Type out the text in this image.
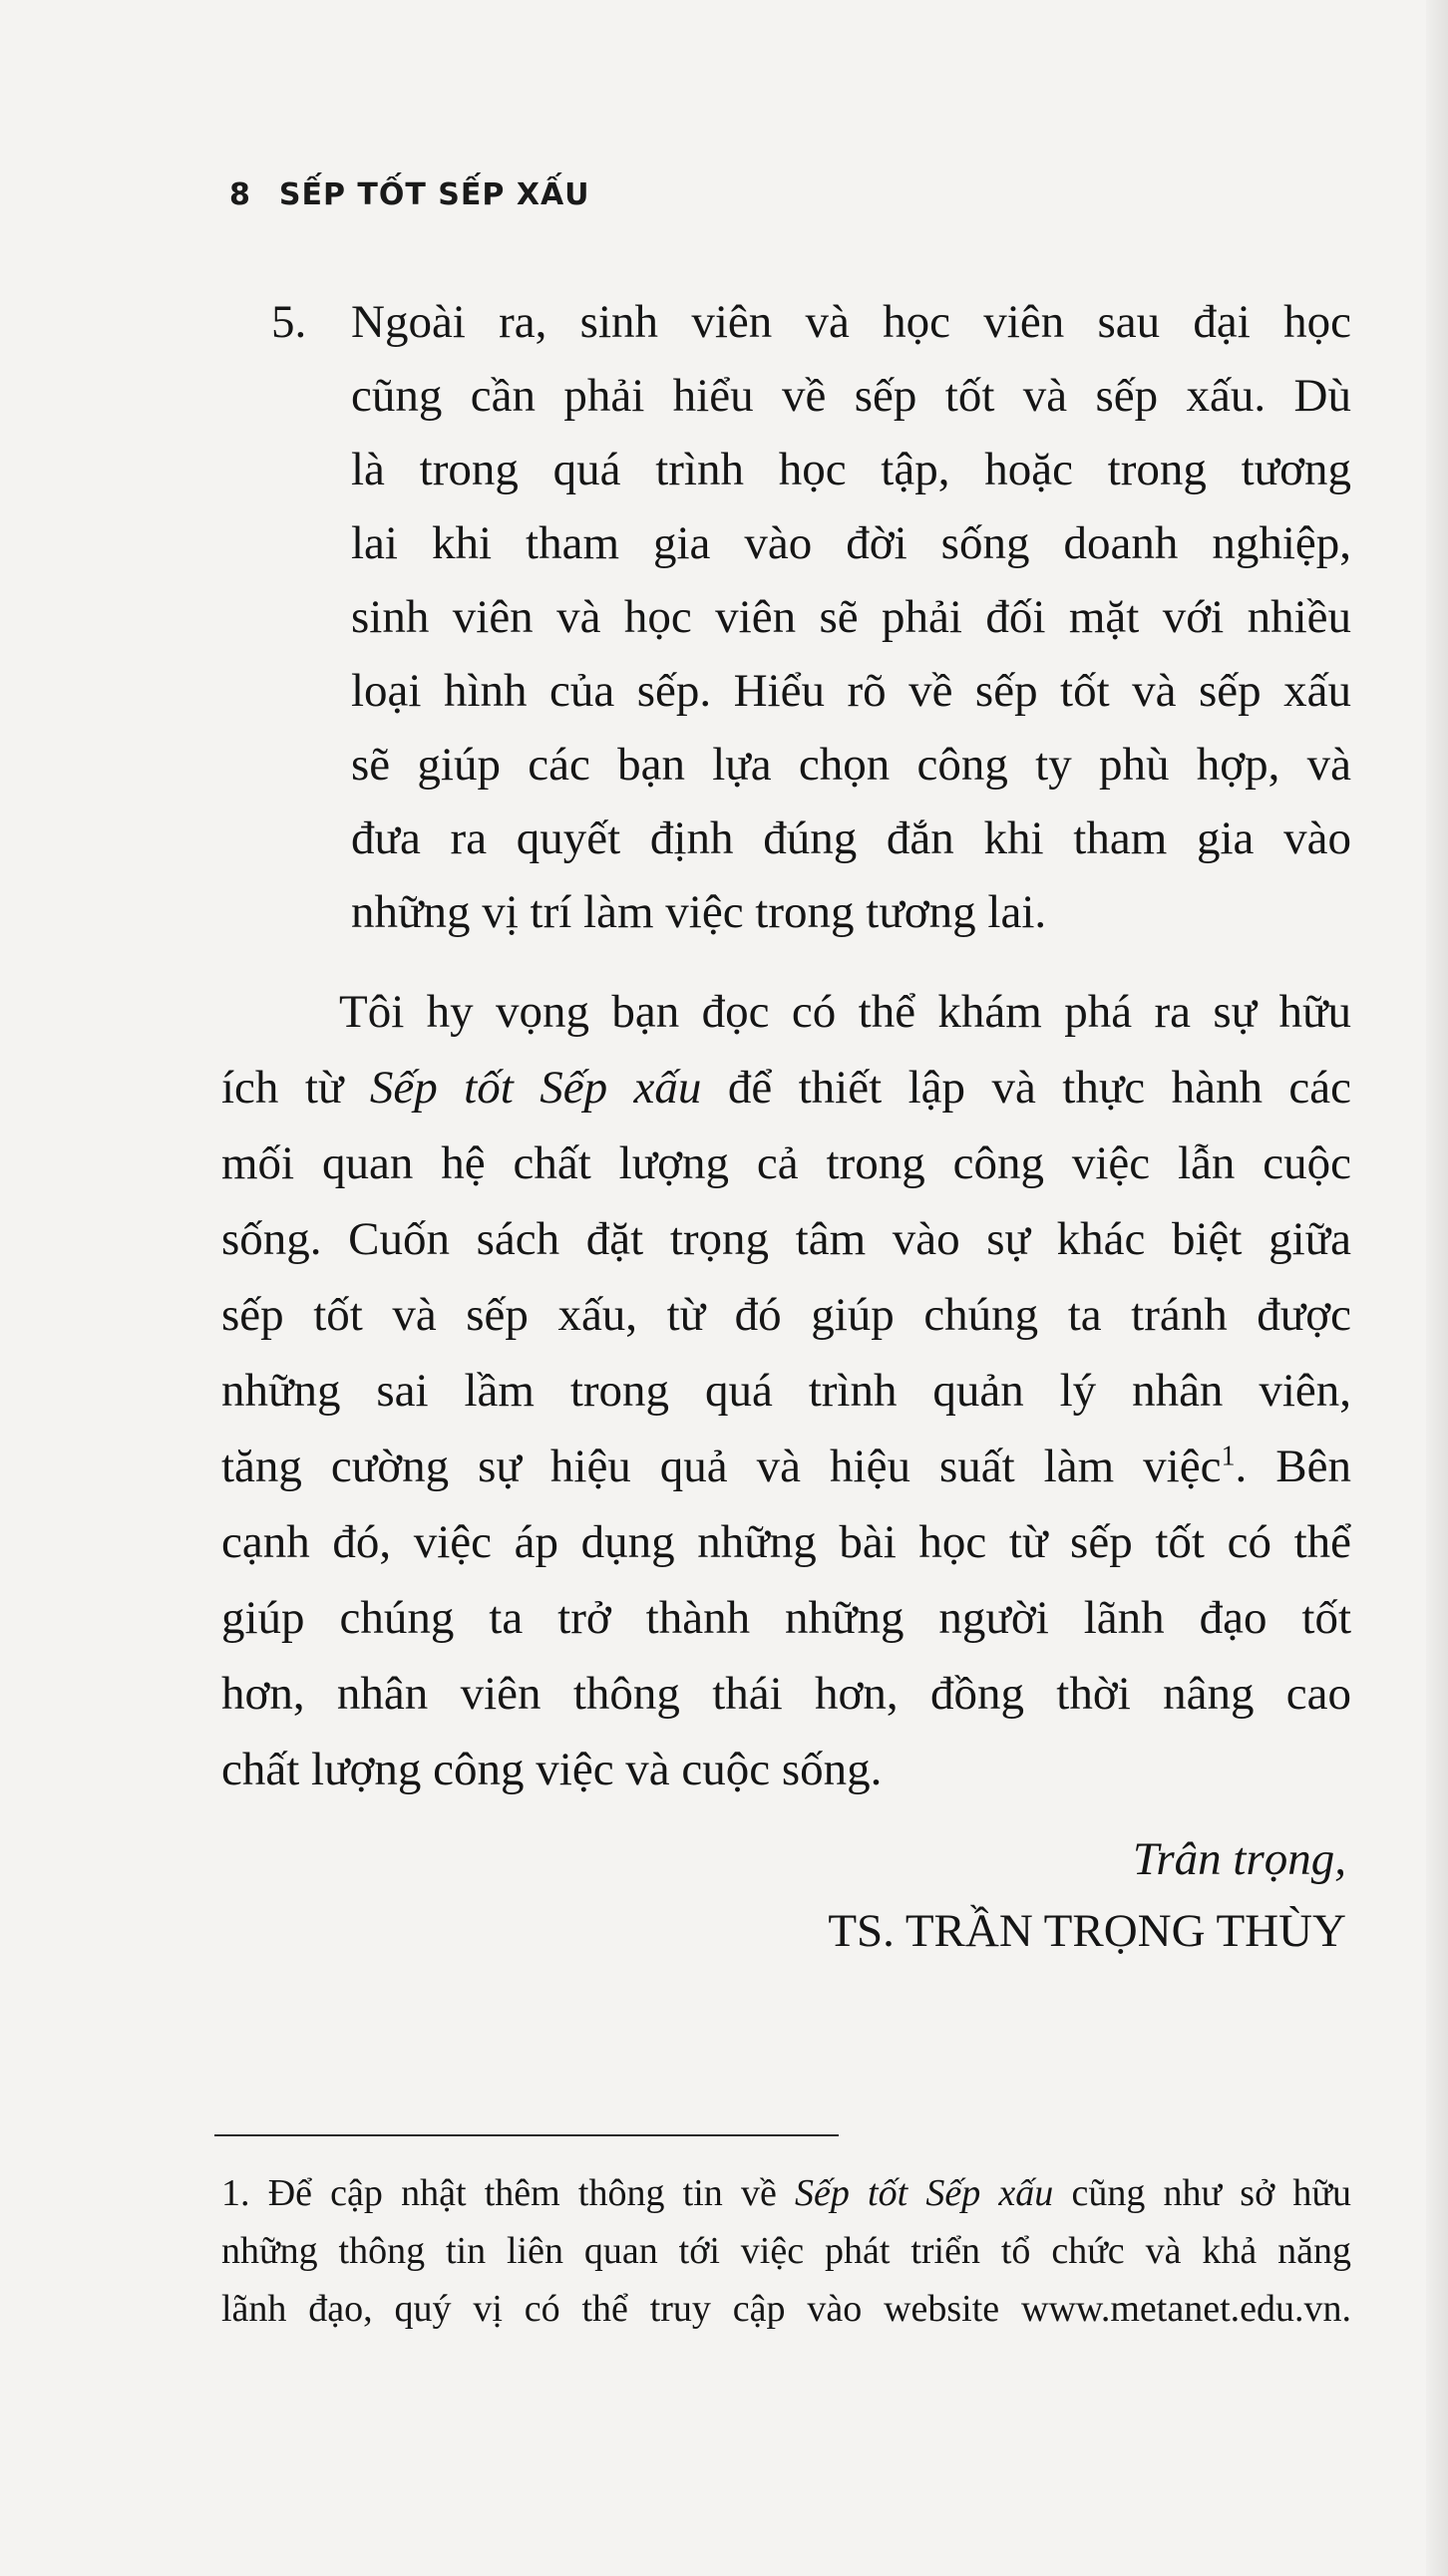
8 SẾP TỐT SẾP XẤU
5. Ngoài ra, sinh viên và học viên sau đại học
cũng cần phải hiểu về sếp tốt và sếp xấu. Dù
là trong quá trình học tập, hoặc trong tương
lai khi tham gia vào đời sống doanh nghiệp,
sinh viên và học viên sẽ phải đối mặt với nhiều
loại hình của sếp. Hiểu rõ về sếp tốt và sếp xấu
sẽ giúp các bạn lựa chọn công ty phù hợp, và
đưa ra quyết định đúng đắn khi tham gia vào
những vị trí làm việc trong tương lai.
Tôi hy vọng bạn đọc có thể khám phá ra sự hữu
ích từ Sếp tốt Sếp xấu để thiết lập và thực hành các
mối quan hệ chất lượng cả trong công việc lẫn cuộc
sống. Cuốn sách đặt trọng tâm vào sự khác biệt giữa
sếp tốt và sếp xấu, từ đó giúp chúng ta tránh được
những sai lầm trong quá trình quản lý nhân viên,
tăng cường sự hiệu quả và hiệu suất làm việc$^1$. Bên
cạnh đó, việc áp dụng những bài học từ sếp tốt có thể
giúp chúng ta trở thành những người lãnh đạo tốt
hơn, nhân viên thông thái hơn, đồng thời nâng cao
chất lượng công việc và cuộc sống.
Trân trọng,
TS. TRẦN TRỌNG THÙY
1. Để cập nhật thêm thông tin về Sếp tốt Sếp xấu cũng như sở hữu
những thông tin liên quan tới việc phát triển tổ chức và khả năng
lãnh đạo, quý vị có thể truy cập vào website www.metanet.edu.vn.
